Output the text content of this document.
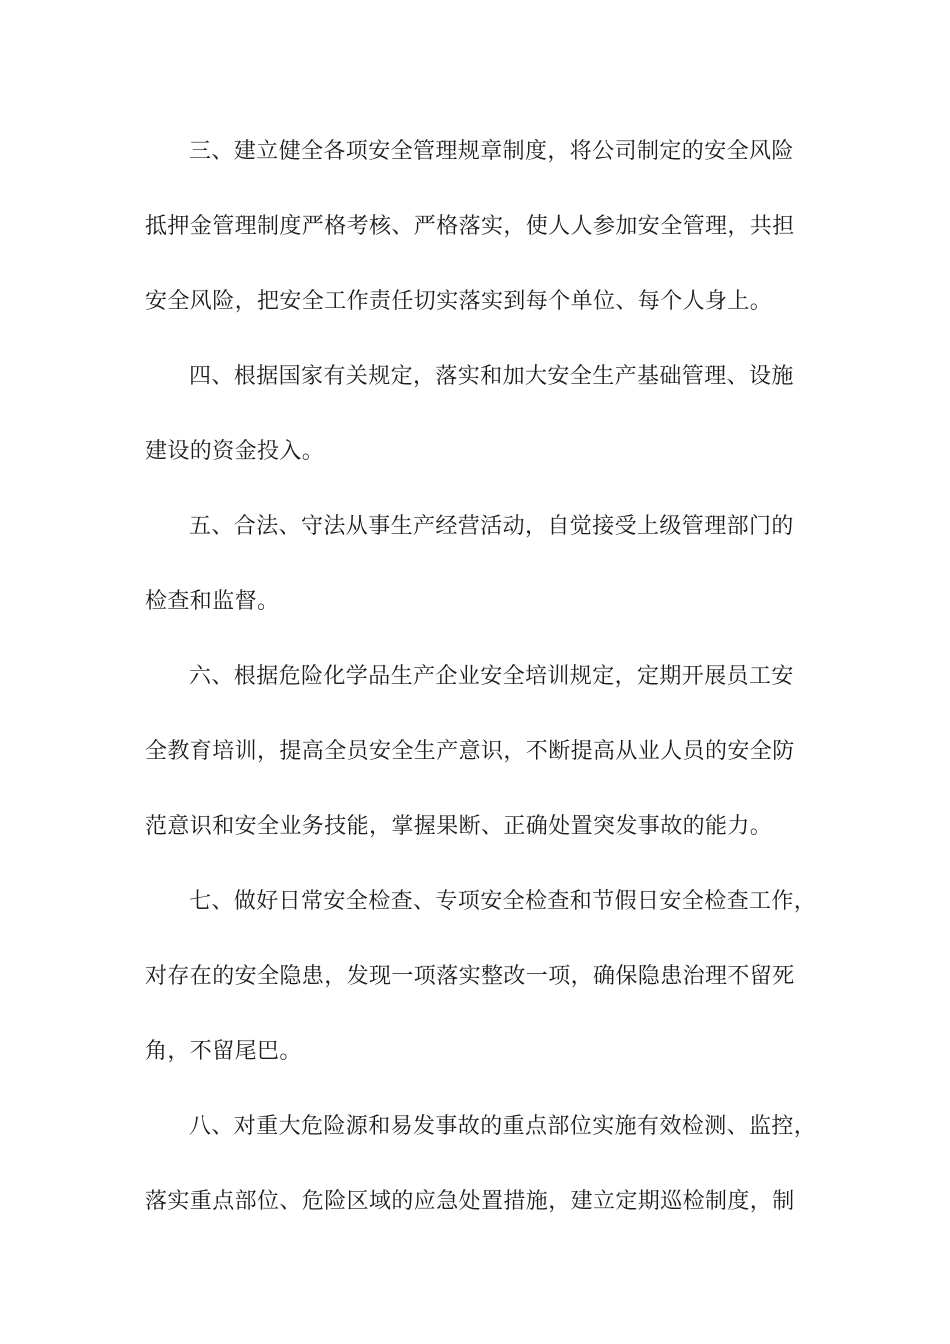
三、建立健全各项安全管理规章制度，将公司制定的安全风险
抵押金管理制度严格考核、严格落实，使人人参加安全管理，共担
安全风险，把安全工作责任切实落实到每个单位、每个人身上。
四、根据国家有关规定，落实和加大安全生产基础管理、设施
建设的资金投入。
五、合法、守法从事生产经营活动，自觉接受上级管理部门的
检查和监督。
六、根据危险化学品生产企业安全培训规定，定期开展员工安
全教育培训，提高全员安全生产意识，不断提高从业人员的安全防
范意识和安全业务技能，掌握果断、正确处置突发事故的能力。
七、做好日常安全检查、专项安全检查和节假日安全检查工作，
对存在的安全隐患，发现一项落实整改一项，确保隐患治理不留死
角，不留尾巴。
八、对重大危险源和易发事故的重点部位实施有效检测、监控，
落实重点部位、危险区域的应急处置措施，建立定期巡检制度，制
